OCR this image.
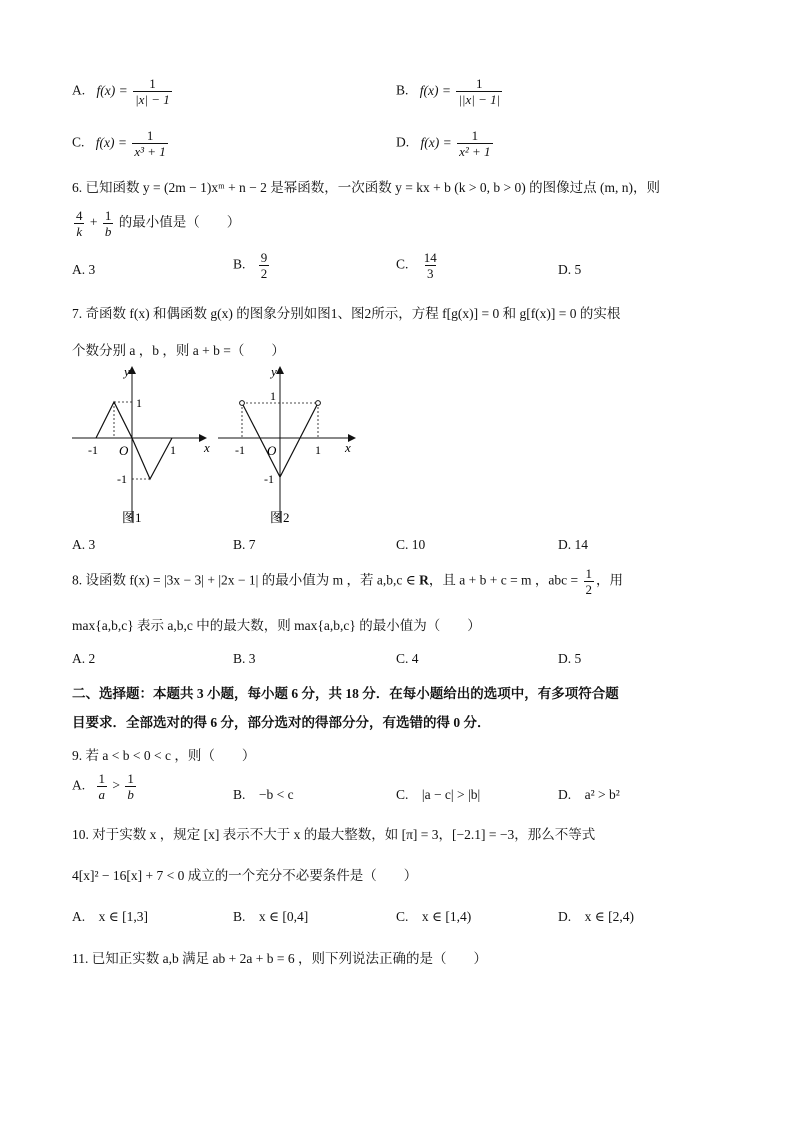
A. $f(x) = \frac{1}{|x| - 1}$	B. $f(x) = \frac{1}{||x| - 1|}$
C. $f(x) = \frac{1}{\text{x³ + 1}}$	D. $f(x) = \frac{1}{\text{x² + 1}}$
6. 已知函数 y = (2m − 1)xᵐ + n − 2 是幂函数，一次函数 y = kx + b (k > 0, b > 0) 的图像过点 (m, n)，则
$\frac{4}{k} + \frac{1}{b}$ 的最小值是（　　）
A. 3	B. $\frac{9}{2}$	C. $\frac{14}{3}$	D. 5
7. 奇函数 f(x) 和偶函数 g(x) 的图象分别如图1、图2所示，方程 f[g(x)] = 0 和 g[f(x)] = 0 的实根
个数分别 a ，b ，则 a + b =（　　）
y
1
x
-1	1
O
-1
图1
y
1
x
-1	1
O
-1
图2
A. 3	B. 7	C. 10	D. 14
8. 设函数 f(x) = |3x − 3| + |2x − 1| 的最小值为 m ，若 a,b,c ∈ R，且 a + b + c = m ，abc = $\frac{1}{2}$ ，用
max{a,b,c} 表示 a,b,c 中的最大数，则 max{a,b,c} 的最小值为（　　）
A. 2	B. 3	C. 4	D. 5
二、选择题：本题共 3 小题，每小题 6 分，共 18 分．在每小题给出的选项中，有多项符合题
目要求．全部选对的得 6 分，部分选对的得部分分，有选错的得 0 分．
9. 若 a < b < 0 < c ，则（　　）
A. $\frac{1}{a} > \frac{1}{b}$	B.　−b < c	C.　|a − c| > |b|	D.　a² > b²
10. 对于实数 x ，规定 [x] 表示不大于 x 的最大整数，如 [π] = 3，[−2.1] = −3，那么不等式
4[x]² − 16[x] + 7 < 0 成立的一个充分不必要条件是（　　）
A.　x ∈ [1,3]	B.　x ∈ [0,4]	C.　x ∈ [1,4)	D.　x ∈ [2,4)
11. 已知正实数 a,b 满足 ab + 2a + b = 6 ，则下列说法正确的是（　　）
